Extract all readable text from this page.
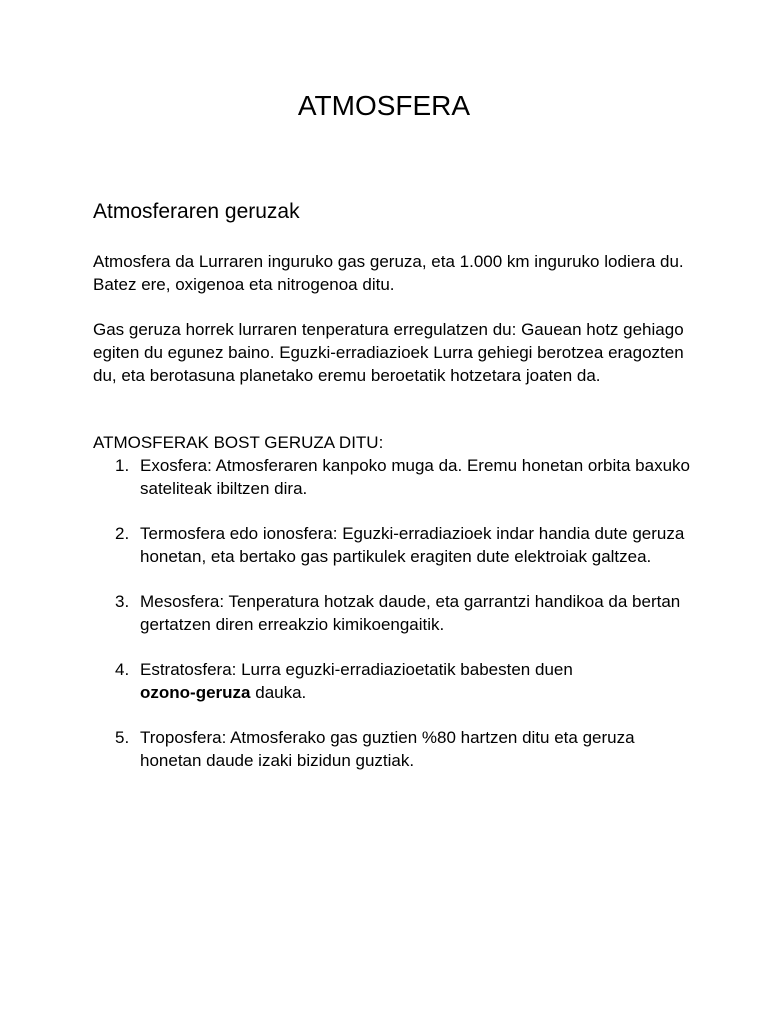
ATMOSFERA
Atmosferaren geruzak

Atmosfera da Lurraren inguruko gas geruza, eta 1.000 km inguruko lodiera du. Batez ere, oxigenoa eta nitrogenoa ditu.

Gas geruza horrek lurraren tenperatura erregulatzen du: Gauean hotz gehiago egiten du egunez baino. Eguzki-erradiazioek Lurra gehiegi berotzea eragozten du, eta berotasuna planetako eremu beroetatik hotzetara joaten da.

ATMOSFERAK BOST GERUZA DITU:

1. Exosfera: Atmosferaren kanpoko muga da. Eremu honetan orbita baxuko sateliteak ibiltzen dira.
2. Termosfera edo ionosfera: Eguzki-erradiazioek indar handia dute geruza honetan, eta bertako gas partikulek eragiten dute elektroiak galtzea.
3. Mesosfera: Tenperatura hotzak daude, eta garrantzi handikoa da bertan gertatzen diren erreakzio kimikoengaitik.
4. Estratosfera: Lurra eguzki-erradiazioetatik babesten duen
ozono-geruza dauka.
5. Troposfera: Atmosferako gas guztien %80 hartzen ditu eta geruza honetan daude izaki bizidun guztiak.
